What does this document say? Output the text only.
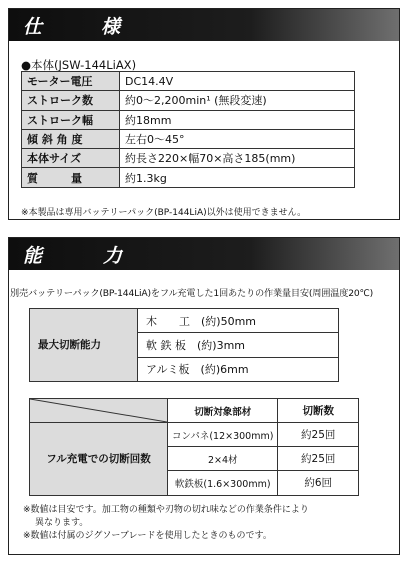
仕	様
●本体(JSW-144LiAX)
モーター電圧	DC14.4V
ストローク数	約0〜2,200min¹ (無段変速)
ストローク幅	約18mm
傾 斜 角 度	左右0〜45°
本体サイズ	約長さ220×幅70×高さ185(mm)
質　　　量	約1.3kg
※本製品は専用バッテリーパック(BP-144LiA)以外は使用できません。
能	力
別売バッテリーパック(BP-144LiA)をフル充電した1回あたりの作業量目安(周囲温度20℃)
最大切断能力	木　　工　(約)50mm
軟 鉄 板　(約)3mm
アルミ板　(約)6mm
	切断対象部材	切断数
フル充電での切断回数	コンパネ(12×300mm)	約25回
	2×4材	約25回
	軟鉄板(1.6×300mm)	約6回

※数値は目安です。加工物の種類や刃物の切れ味などの作業条件により

異なります。

※数値は付属のジグソーブレードを使用したときのものです。
